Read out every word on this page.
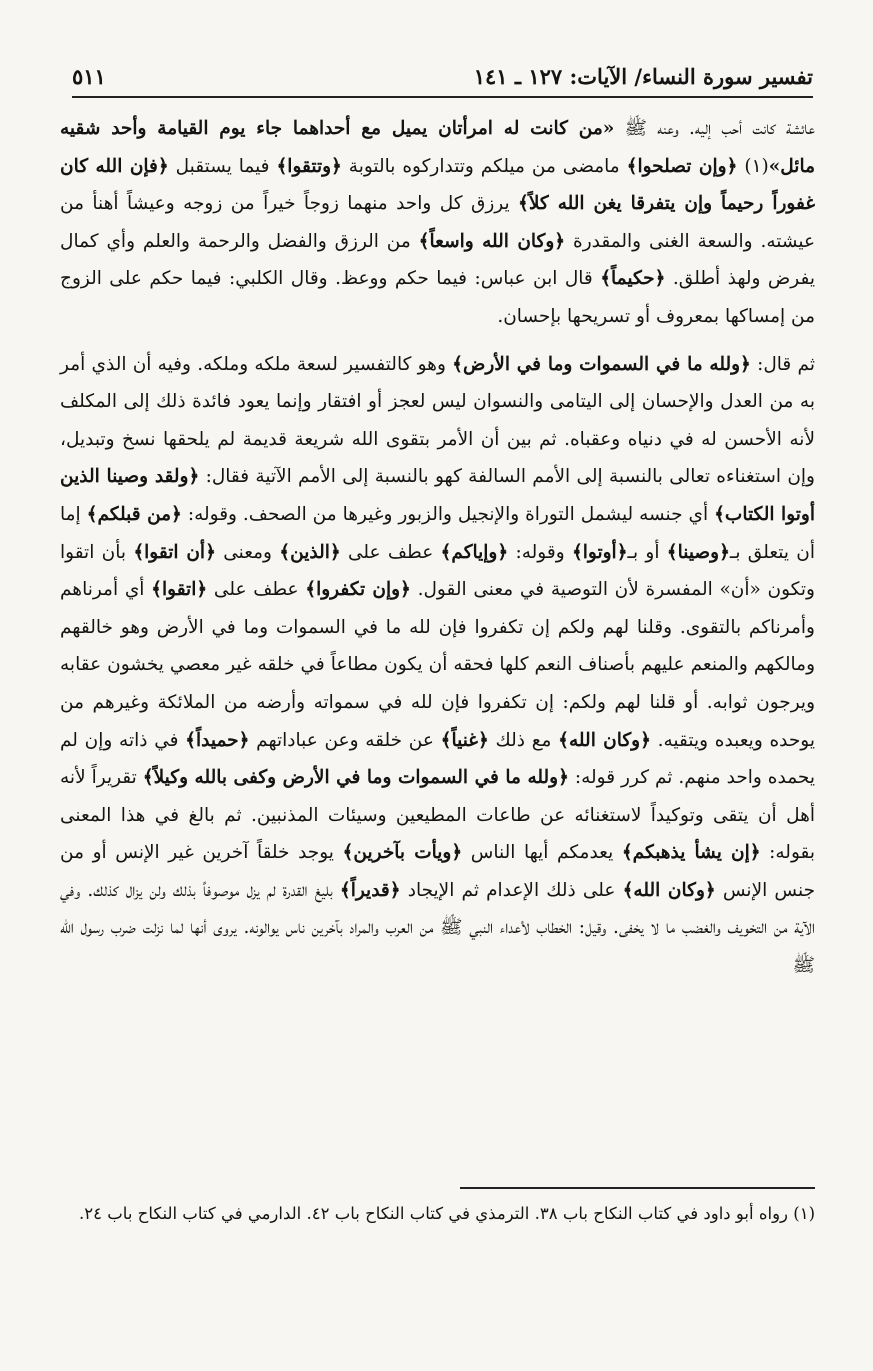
تفسير سورة النساء/ الآيات: ١٢٧ ـ ١٤١
٥١١

عائشة كانت أحب إليه. وعنه ﷺ «من كانت له امرأتان يميل مع أحداهما جاء يوم القيامة وأحد شقيه مائل»(١) ﴿وإن تصلحوا﴾ مامضى من ميلكم وتتداركوه بالتوبة ﴿وتتقوا﴾ فيما يستقبل ﴿فإن الله كان غفوراً رحيماً وإن يتفرقا يغن الله كلاً﴾ يرزق كل واحد منهما زوجاً خيراً من زوجه وعيشاً أهنأ من عيشته. والسعة الغنى والمقدرة ﴿وكان الله واسعاً﴾ من الرزق والفضل والرحمة والعلم وأي كمال يفرض ولهذ أطلق. ﴿حكيماً﴾ قال ابن عباس: فيما حكم ووعظ. وقال الكلبي: فيما حكم على الزوج من إمساكها بمعروف أو تسريحها بإحسان.

ثم قال: ﴿ولله ما في السموات وما في الأرض﴾ وهو كالتفسير لسعة ملكه وملكه. وفيه أن الذي أمر به من العدل والإحسان إلى اليتامى والنسوان ليس لعجز أو افتقار وإنما يعود فائدة ذلك إلى المكلف لأنه الأحسن له في دنياه وعقباه. ثم بين أن الأمر بتقوى الله شريعة قديمة لم يلحقها نسخ وتبديل، وإن استغناءه تعالى بالنسبة إلى الأمم السالفة كهو بالنسبة إلى الأمم الآتية فقال: ﴿ولقد وصينا الذين أوتوا الكتاب﴾ أي جنسه ليشمل التوراة والإنجيل والزبور وغيرها من الصحف. وقوله: ﴿من قبلكم﴾ إما أن يتعلق بـ﴿وصينا﴾ أو بـ﴿أوتوا﴾ وقوله: ﴿وإياكم﴾ عطف على ﴿الذين﴾ ومعنى ﴿أن اتقوا﴾ بأن اتقوا وتكون «أن» المفسرة لأن التوصية في معنى القول. ﴿وإن تكفروا﴾ عطف على ﴿اتقوا﴾ أي أمرناهم وأمرناكم بالتقوى. وقلنا لهم ولكم إن تكفروا فإن لله ما في السموات وما في الأرض وهو خالقهم ومالكهم والمنعم عليهم بأصناف النعم كلها فحقه أن يكون مطاعاً في خلقه غير معصي يخشون عقابه ويرجون ثوابه. أو قلنا لهم ولكم: إن تكفروا فإن لله في سمواته وأرضه من الملائكة وغيرهم من يوحده ويعبده ويتقيه. ﴿وكان الله﴾ مع ذلك ﴿غنياً﴾ عن خلقه وعن عباداتهم ﴿حميداً﴾ في ذاته وإن لم يحمده واحد منهم. ثم كرر قوله: ﴿ولله ما في السموات وما في الأرض وكفى بالله وكيلاً﴾ تقريراً لأنه أهل أن يتقى وتوكيداً لاستغنائه عن طاعات المطيعين وسيئات المذنبين. ثم بالغ في هذا المعنى بقوله: ﴿إن يشأ يذهبكم﴾ يعدمكم أيها الناس ﴿ويأت بآخرين﴾ يوجد خلقاً آخرين غير الإنس أو من جنس الإنس ﴿وكان الله﴾ على ذلك الإعدام ثم الإيجاد ﴿قديراً﴾ بليغ القدرة لم يزل موصوفاً بذلك ولن يزال كذلك. وفي الآية من التخويف والغضب ما لا يخفى. وقيل: الخطاب لأعداء النبي ﷺ من العرب والمراد بآخرين ناس يوالونه. يروى أنها لما نزلت ضرب رسول الله ﷺ

(١) رواه أبو داود في كتاب النكاح باب ٣٨. الترمذي في كتاب النكاح باب ٤٢. الدارمي في كتاب النكاح باب ٢٤.
